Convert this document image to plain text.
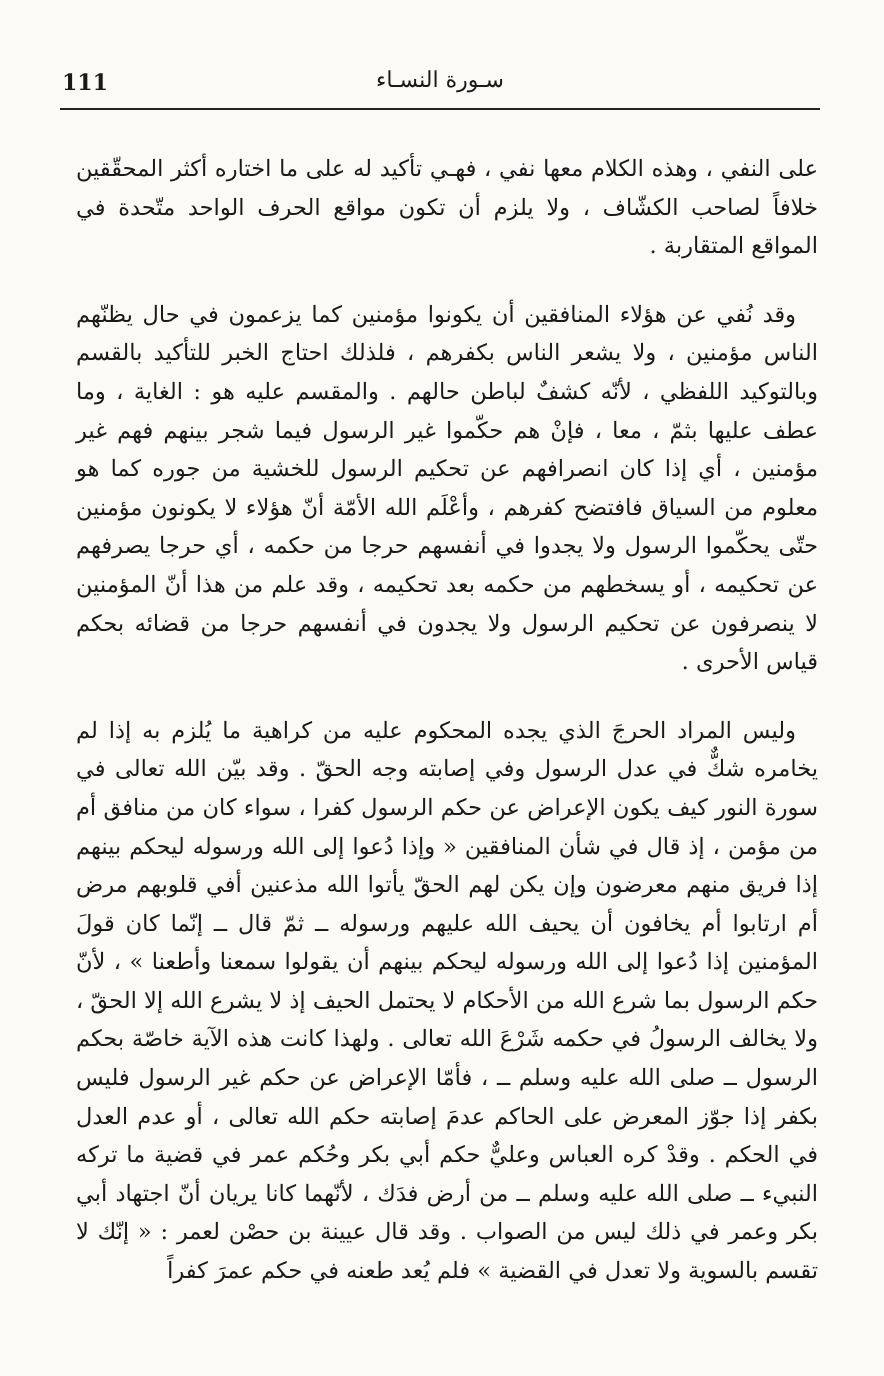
111	سـورة النسـاء

على النفي ، وهذه الكلام معها نفي ، فهـي تأكيد له على ما اختاره أكثر المحقّقين خلافاً لصاحب الكشّاف ، ولا يلزم أن تكون مواقع الحرف الواحد متّحدة في المواقع المتقاربة .

وقد نُفي عن هؤلاء المنافقين أن يكونوا مؤمنين كما يزعمون في حال يظنّهم الناس مؤمنين ، ولا يشعر الناس بكفرهم ، فلذلك احتاج الخبر للتأكيد بالقسم وبالتوكيد اللفظي ، لأنّه كشفٌ لباطن حالهم . والمقسم عليه هو : الغاية ، وما عطف عليها بثمّ ، معا ، فإنْ هم حكّموا غير الرسول فيما شجر بينهم فهم غير مؤمنين ، أي إذا كان انصرافهم عن تحكيم الرسول للخشية من جوره كما هو معلوم من السياق فافتضح كفرهم ، وأعْلَم الله الأمّة أنّ هؤلاء لا يكونون مؤمنين حتّى يحكّموا الرسول ولا يجدوا في أنفسهم حرجا من حكمه ، أي حرجا يصرفهم عن تحكيمه ، أو يسخطهم من حكمه بعد تحكيمه ، وقد علم من هذا أنّ المؤمنين لا ينصرفون عن تحكيم الرسول ولا يجدون في أنفسهم حرجا من قضائه بحكم قياس الأحرى .

وليس المراد الحرجَ الذي يجده المحكوم عليه من كراهية ما يُلزم به إذا لم يخامره شكٌّ في عدل الرسول وفي إصابته وجه الحقّ . وقد بيّن الله تعالى في سورة النور كيف يكون الإعراض عن حكم الرسول كفرا ، سواء كان من منافق أم من مؤمن ، إذ قال في شأن المنافقين « وإذا دُعوا إلى الله ورسوله ليحكم بينهم إذا فريق منهم معرضون وإن يكن لهم الحقّ يأتوا الله مذعنين أفي قلوبهم مرض أم ارتابوا أم يخافون أن يحيف الله عليهم ورسوله ــ ثمّ قال ــ إنّما كان قولَ المؤمنين إذا دُعوا إلى الله ورسوله ليحكم بينهم أن يقولوا سمعنا وأطعنا » ، لأنّ حكم الرسول بما شرع الله من الأحكام لا يحتمل الحيف إذ لا يشرع الله إلا الحقّ ، ولا يخالف الرسولُ في حكمه شَرْعَ الله تعالى . ولهذا كانت هذه الآية خاصّة بحكم الرسول ــ صلى الله عليه وسلم ــ ، فأمّا الإعراض عن حكم غير الرسول فليس بكفر إذا جوّز المعرض على الحاكم عدمَ إصابته حكم الله تعالى ، أو عدم العدل في الحكم . وقدْ كره العباس وعليٌّ حكم أبي بكر وحُكم عمر في قضية ما تركه النبيء ــ صلى الله عليه وسلم ــ من أرض فدَك ، لأنّهما كانا يريان أنّ اجتهاد أبي بكر وعمر في ذلك ليس من الصواب . وقد قال عيينة بن حصْن لعمر : « إنّك لا تقسم بالسوية ولا تعدل في القضية » فلم يُعد طعنه في حكم عمرَ كفراً
